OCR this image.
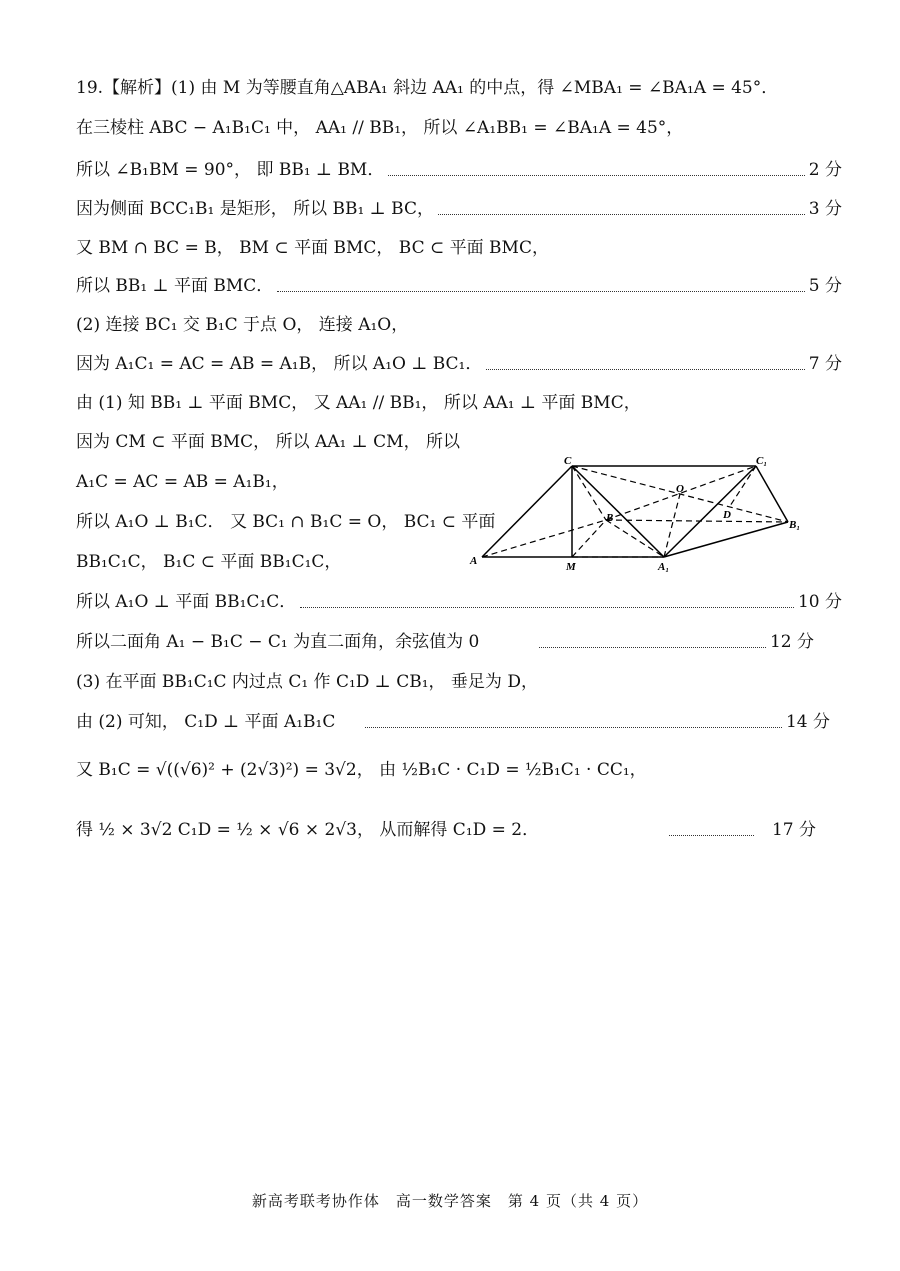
19.【解析】(1) 由 M 为等腰直角△ABA₁ 斜边 AA₁ 的中点，得 ∠MBA₁ = ∠BA₁A = 45°．
在三棱柱 ABC − A₁B₁C₁ 中， AA₁ // BB₁， 所以 ∠A₁BB₁ = ∠BA₁A = 45°，
所以 ∠B₁BM = 90°， 即 BB₁ ⊥ BM．	2 分
因为侧面 BCC₁B₁ 是矩形， 所以 BB₁ ⊥ BC，	3 分
又 BM ∩ BC = B， BM ⊂ 平面 BMC， BC ⊂ 平面 BMC，
所以 BB₁ ⊥ 平面 BMC．	5 分
(2) 连接 BC₁ 交 B₁C 于点 O， 连接 A₁O，
因为 A₁C₁ = AC = AB = A₁B， 所以 A₁O ⊥ BC₁．	7 分
由 (1) 知 BB₁ ⊥ 平面 BMC， 又 AA₁ // BB₁， 所以 AA₁ ⊥ 平面 BMC，
因为 CM ⊂ 平面 BMC， 所以 AA₁ ⊥ CM， 所以
A₁C = AC = AB = A₁B₁，
所以 A₁O ⊥ B₁C． 又 BC₁ ∩ B₁C = O， BC₁ ⊂ 平面
BB₁C₁C， B₁C ⊂ 平面 BB₁C₁C，
所以 A₁O ⊥ 平面 BB₁C₁C．	10 分
所以二面角 A₁ − B₁C − C₁ 为直二面角，余弦值为 0	12 分
(3) 在平面 BB₁C₁C 内过点 C₁ 作 C₁D ⊥ CB₁， 垂足为 D，
由 (2) 可知， C₁D ⊥ 平面 A₁B₁C	14 分
又 B₁C = √((√6)² + (2√3)²) = 3√2， 由 ½B₁C · C₁D = ½B₁C₁ · CC₁，
得 ½ × 3√2 C₁D = ½ × √6 × 2√3， 从而解得 C₁D = 2．	17 分
C	C₁
O
B	D
B₁
A	M	A₁
新高考联考协作体　高一数学答案　第 4 页（共 4 页）
